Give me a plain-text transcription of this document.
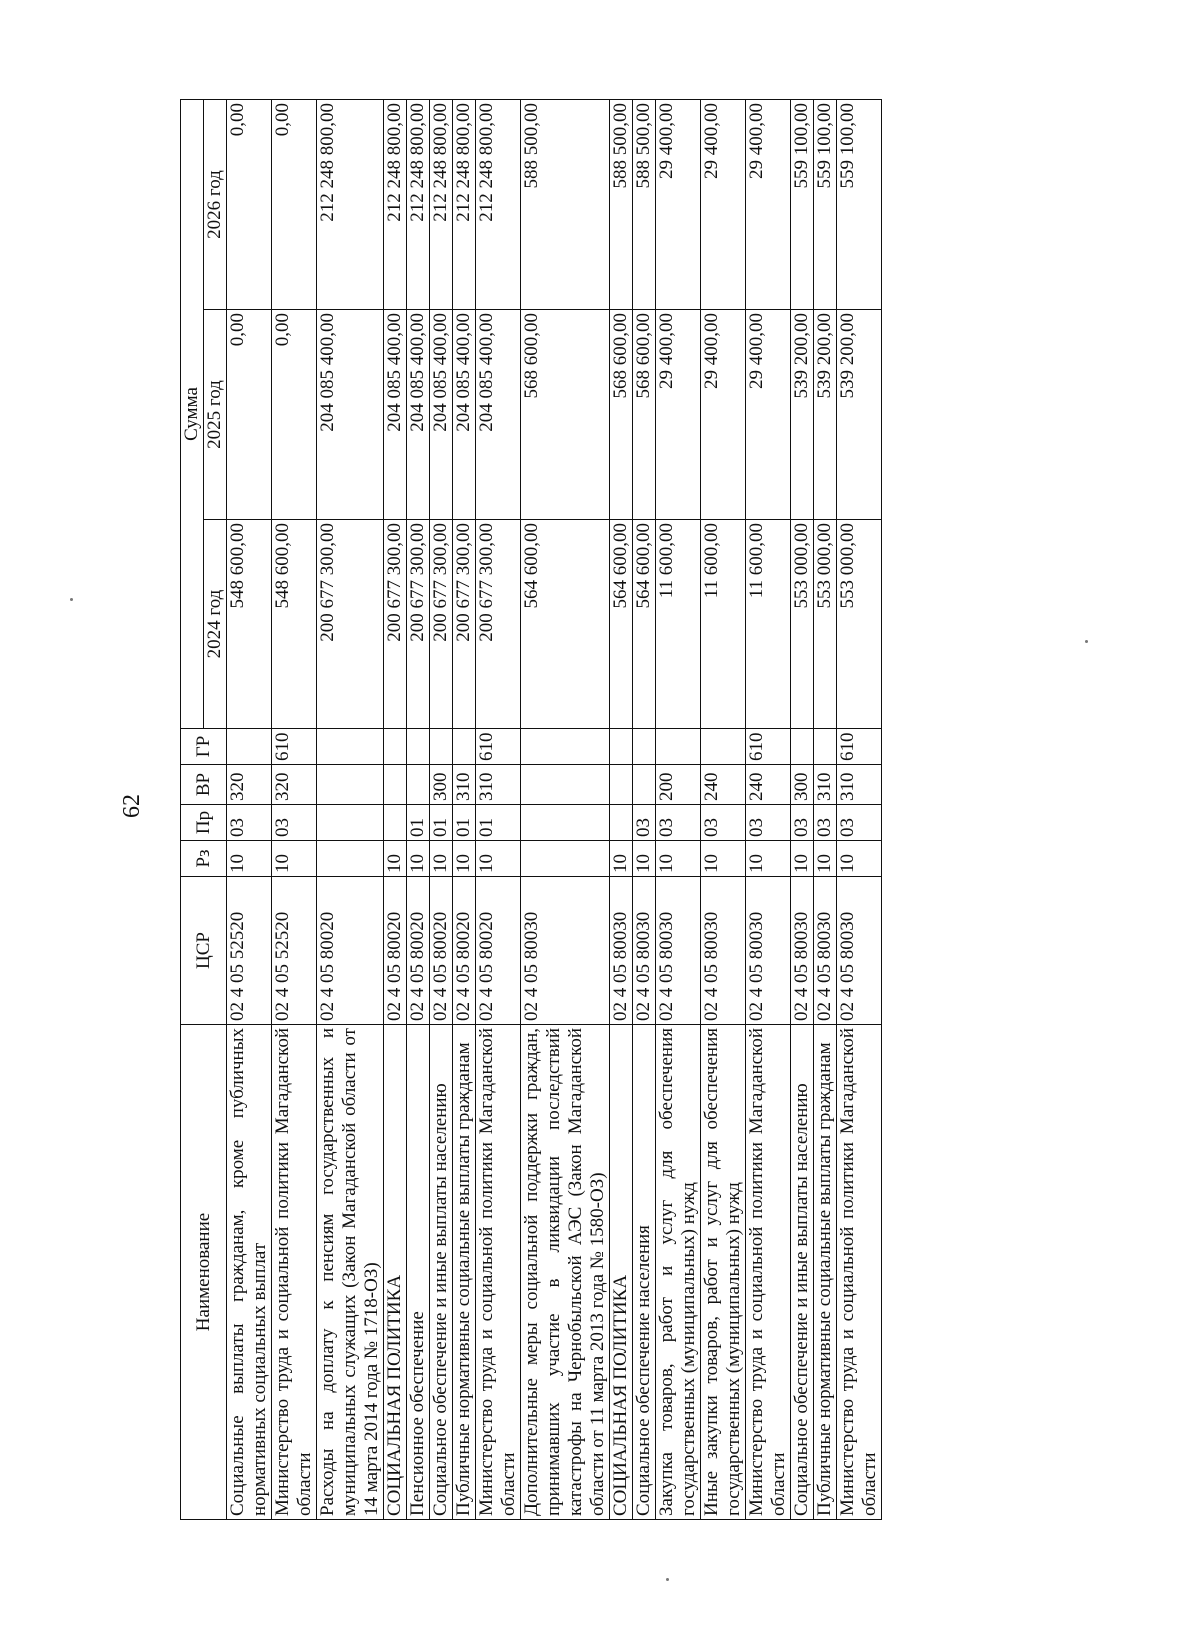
62
Наименование	ЦСР	Рз	Пр	ВР	ГР	Сумма		
						2024 год	2025 год	2026 год
Социальные выплаты гражданам, кроме публичных нормативных социальных выплат	02 4 05 52520	10	03	320		548 600,00	0,00	0,00
Министерство труда и социальной политики Магаданской области	02 4 05 52520	10	03	320	610	548 600,00	0,00	0,00
Расходы на доплату к пенсиям государственных и муниципальных служащих (Закон Магаданской области от 14 марта 2014 года № 1718-ОЗ)	02 4 05 80020					200 677 300,00	204 085 400,00	212 248 800,00
СОЦИАЛЬНАЯ ПОЛИТИКА	02 4 05 80020	10				200 677 300,00	204 085 400,00	212 248 800,00
Пенсионное обеспечение	02 4 05 80020	10	01			200 677 300,00	204 085 400,00	212 248 800,00
Социальное обеспечение и иные выплаты населению	02 4 05 80020	10	01	300		200 677 300,00	204 085 400,00	212 248 800,00
Публичные нормативные социальные выплаты гражданам	02 4 05 80020	10	01	310		200 677 300,00	204 085 400,00	212 248 800,00
Министерство труда и социальной политики Магаданской области	02 4 05 80020	10	01	310	610	200 677 300,00	204 085 400,00	212 248 800,00
Дополнительные меры социальной поддержки граждан, принимавших участие в ликвидации последствий катастрофы на Чернобыльской АЭС (Закон Магаданской области от 11 марта 2013 года № 1580-ОЗ)	02 4 05 80030					564 600,00	568 600,00	588 500,00
СОЦИАЛЬНАЯ ПОЛИТИКА	02 4 05 80030	10				564 600,00	568 600,00	588 500,00
Социальное обеспечение населения	02 4 05 80030	10	03			564 600,00	568 600,00	588 500,00
Закупка товаров, работ и услуг для обеспечения государственных (муниципальных) нужд	02 4 05 80030	10	03	200		11 600,00	29 400,00	29 400,00
Иные закупки товаров, работ и услуг для обеспечения государственных (муниципальных) нужд	02 4 05 80030	10	03	240		11 600,00	29 400,00	29 400,00
Министерство труда и социальной политики Магаданской области	02 4 05 80030	10	03	240	610	11 600,00	29 400,00	29 400,00
Социальное обеспечение и иные выплаты населению	02 4 05 80030	10	03	300		553 000,00	539 200,00	559 100,00
Публичные нормативные социальные выплаты гражданам	02 4 05 80030	10	03	310		553 000,00	539 200,00	559 100,00
Министерство труда и социальной политики Магаданской области	02 4 05 80030	10	03	310	610	553 000,00	539 200,00	559 100,00
